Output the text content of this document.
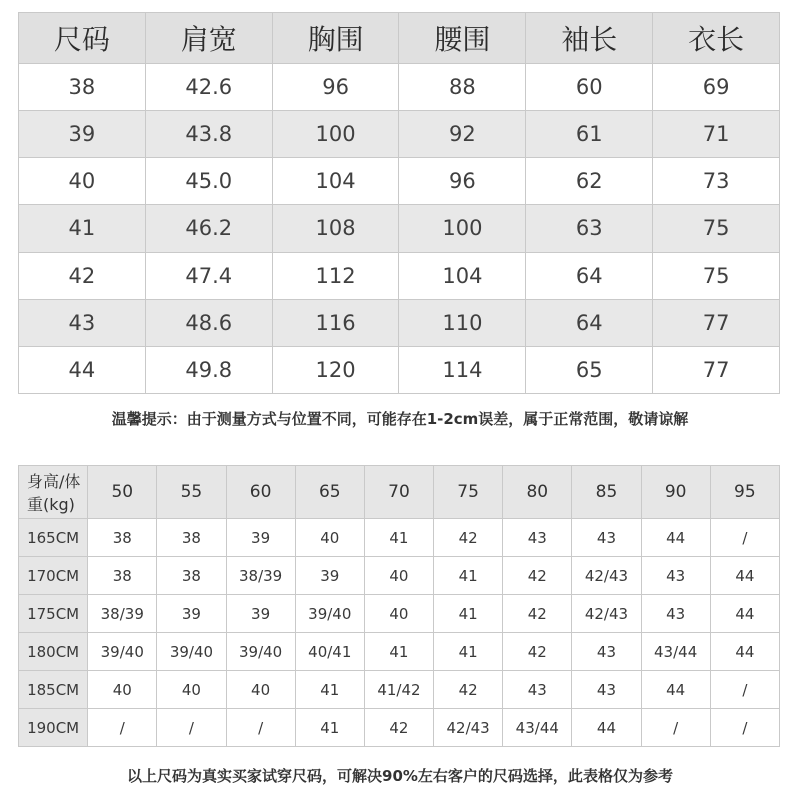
尺码	肩宽	胸围	腰围	袖长	衣长
38	42.6	96	88	60	69
39	43.8	100	92	61	71
40	45.0	104	96	62	73
41	46.2	108	100	63	75
42	47.4	112	104	64	75
43	48.6	116	110	64	77
44	49.8	120	114	65	77
温馨提示：由于测量方式与位置不同，可能存在1-2cm误差，属于正常范围，敬请谅解
身高/体重(kg)	50	55	60	65	70	75	80	85	90	95
165CM	38	38	39	40	41	42	43	43	44	/
170CM	38	38	38/39	39	40	41	42	42/43	43	44
175CM	38/39	39	39	39/40	40	41	42	42/43	43	44
180CM	39/40	39/40	39/40	40/41	41	41	42	43	43/44	44
185CM	40	40	40	41	41/42	42	43	43	44	/
190CM	/	/	/	41	42	42/43	43/44	44	/	/
以上尺码为真实买家试穿尺码，可解决90%左右客户的尺码选择，此表格仅为参考
